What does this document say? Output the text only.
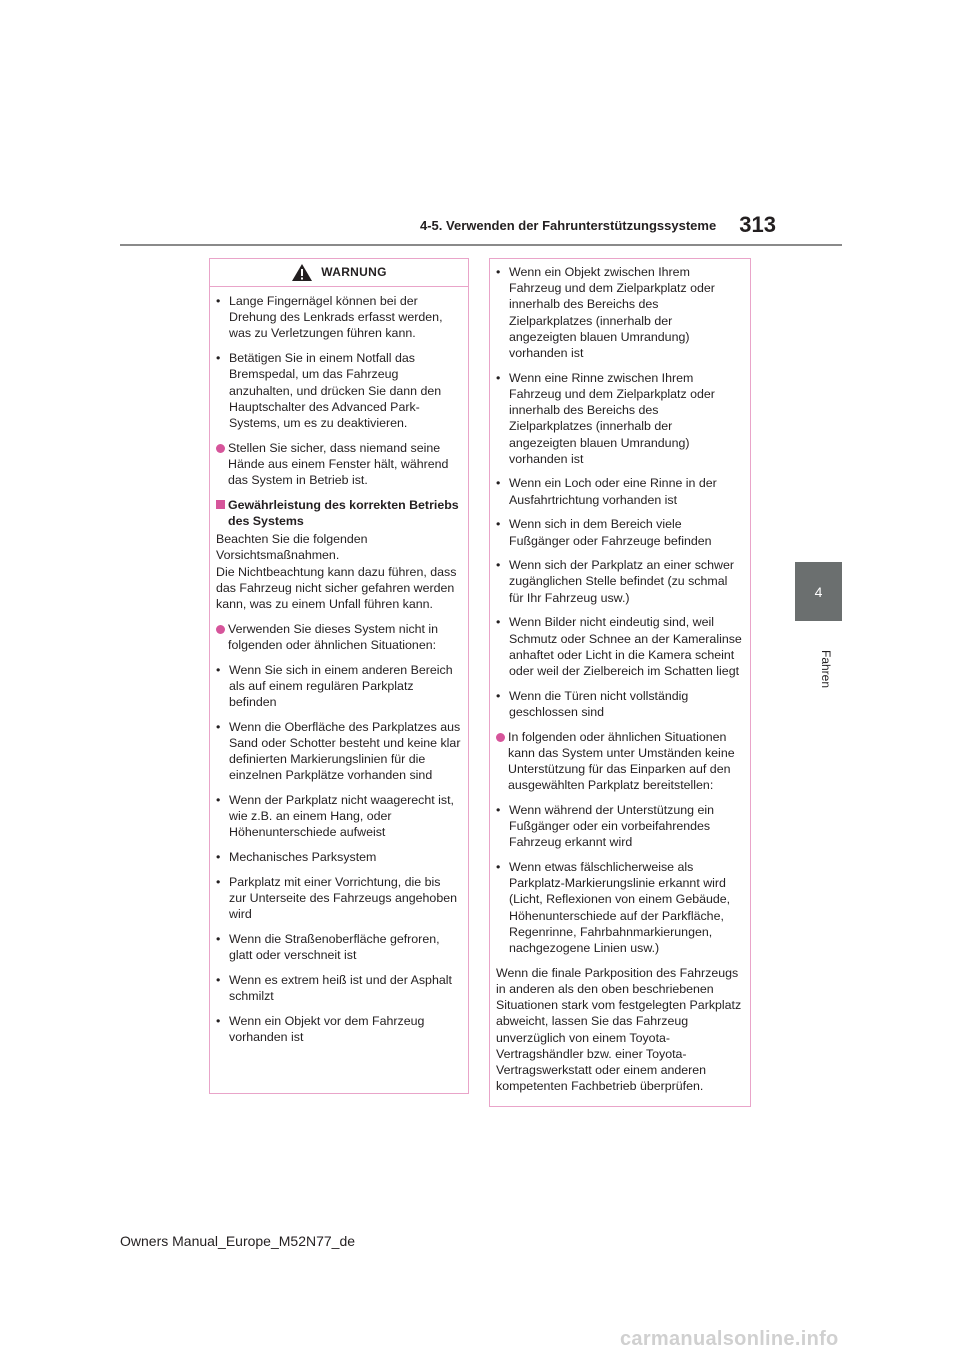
4-5. Verwenden der Fahrunterstützungssysteme	313
4
Fahren
WARNUNG
• Lange Fingernägel können bei der Drehung des Lenkrads erfasst werden, was zu Verletzungen führen kann.
• Betätigen Sie in einem Notfall das Bremspedal, um das Fahrzeug anzuhalten, und drücken Sie dann den Hauptschalter des Advanced Park-Systems, um es zu deaktivieren.
Stellen Sie sicher, dass niemand seine Hände aus einem Fenster hält, während das System in Betrieb ist.
Gewährleistung des korrekten Betriebs des Systems
Beachten Sie die folgenden Vorsichtsmaßnahmen.
Die Nichtbeachtung kann dazu führen, dass das Fahrzeug nicht sicher gefahren werden kann, was zu einem Unfall führen kann.
Verwenden Sie dieses System nicht in folgenden oder ähnlichen Situationen:
• Wenn Sie sich in einem anderen Bereich als auf einem regulären Parkplatz befinden
• Wenn die Oberfläche des Parkplatzes aus Sand oder Schotter besteht und keine klar definierten Markierungslinien für die einzelnen Parkplätze vorhanden sind
• Wenn der Parkplatz nicht waagerecht ist, wie z.B. an einem Hang, oder Höhenunterschiede aufweist
• Mechanisches Parksystem
• Parkplatz mit einer Vorrichtung, die bis zur Unterseite des Fahrzeugs angehoben wird
• Wenn die Straßenoberfläche gefroren, glatt oder verschneit ist
• Wenn es extrem heiß ist und der Asphalt schmilzt
• Wenn ein Objekt vor dem Fahrzeug vorhanden ist
• Wenn ein Objekt zwischen Ihrem Fahrzeug und dem Zielparkplatz oder innerhalb des Bereichs des Zielparkplatzes (innerhalb der angezeigten blauen Umrandung) vorhanden ist
• Wenn eine Rinne zwischen Ihrem Fahrzeug und dem Zielparkplatz oder innerhalb des Bereichs des Zielparkplatzes (innerhalb der angezeigten blauen Umrandung) vorhanden ist
• Wenn ein Loch oder eine Rinne in der Ausfahrtrichtung vorhanden ist
• Wenn sich in dem Bereich viele Fußgänger oder Fahrzeuge befinden
• Wenn sich der Parkplatz an einer schwer zugänglichen Stelle befindet (zu schmal für Ihr Fahrzeug usw.)
• Wenn Bilder nicht eindeutig sind, weil Schmutz oder Schnee an der Kameralinse anhaftet oder Licht in die Kamera scheint oder weil der Zielbereich im Schatten liegt
• Wenn die Türen nicht vollständig geschlossen sind
In folgenden oder ähnlichen Situationen kann das System unter Umständen keine Unterstützung für das Einparken auf den ausgewählten Parkplatz bereitstellen:
• Wenn während der Unterstützung ein Fußgänger oder ein vorbeifahrendes Fahrzeug erkannt wird
• Wenn etwas fälschlicherweise als Parkplatz-Markierungslinie erkannt wird (Licht, Reflexionen von einem Gebäude, Höhenunterschiede auf der Parkfläche, Regenrinne, Fahrbahnmarkierungen, nachgezogene Linien usw.)
Wenn die finale Parkposition des Fahrzeugs in anderen als den oben beschriebenen Situationen stark vom festgelegten Parkplatz abweicht, lassen Sie das Fahrzeug unverzüglich von einem Toyota-Vertragshändler bzw. einer Toyota-Vertragswerkstatt oder einem anderen kompetenten Fachbetrieb überprüfen.
Owners Manual_Europe_M52N77_de
carmanualsonline.info
